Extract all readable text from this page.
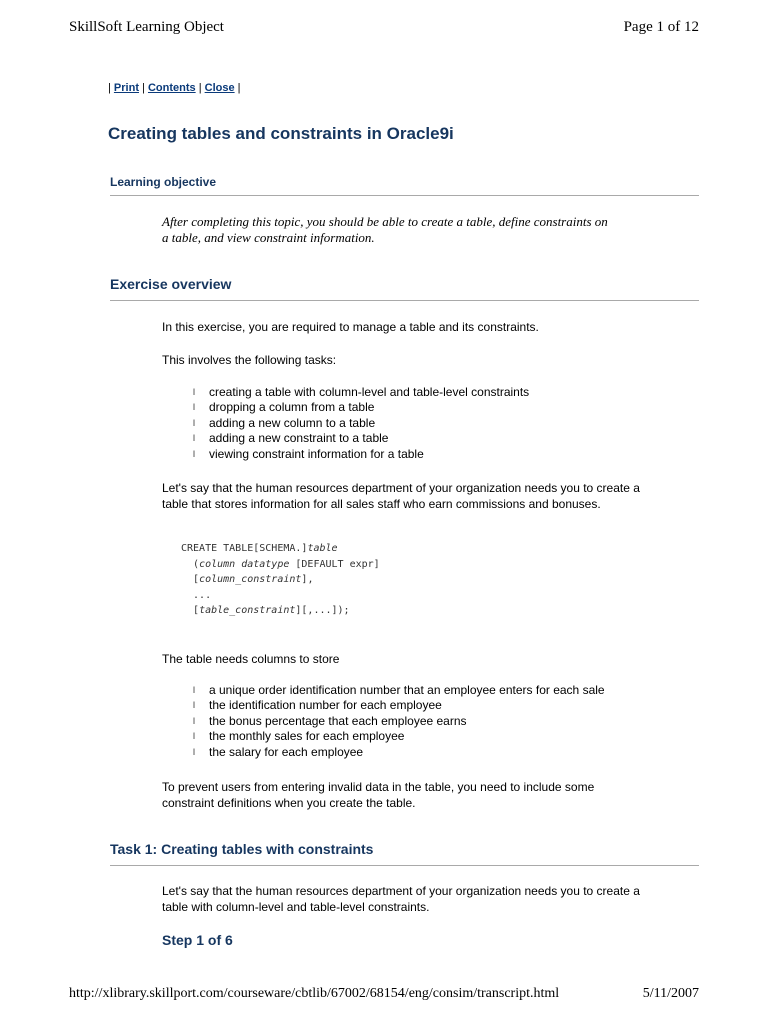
SkillSoft Learning Object	Page 1 of 12
| Print | Contents | Close |
Creating tables and constraints in Oracle9i
Learning objective
After completing this topic, you should be able to create a table, define constraints on
a table, and view constraint information.
Exercise overview

In this exercise, you are required to manage a table and its constraints.

This involves the following tasks:

l creating a table with column-level and table-level constraints
l dropping a column from a table
l adding a new column to a table
l adding a new constraint to a table
l viewing constraint information for a table
Let's say that the human resources department of your organization needs you to create a
table that stores information for all sales staff who earn commissions and bonuses.
CREATE TABLE[SCHEMA.]table
(column datatype [DEFAULT expr]
[column_constraint],
...
[table_constraint][,...]);

The table needs columns to store

l a unique order identification number that an employee enters for each sale
l the identification number for each employee
l the bonus percentage that each employee earns
l the monthly sales for each employee
l the salary for each employee
To prevent users from entering invalid data in the table, you need to include some
constraint definitions when you create the table.
Task 1: Creating tables with constraints
Let's say that the human resources department of your organization needs you to create a
table with column-level and table-level constraints.
Step 1 of 6
http://xlibrary.skillport.com/courseware/cbtlib/67002/68154/eng/consim/transcript.html	5/11/2007
